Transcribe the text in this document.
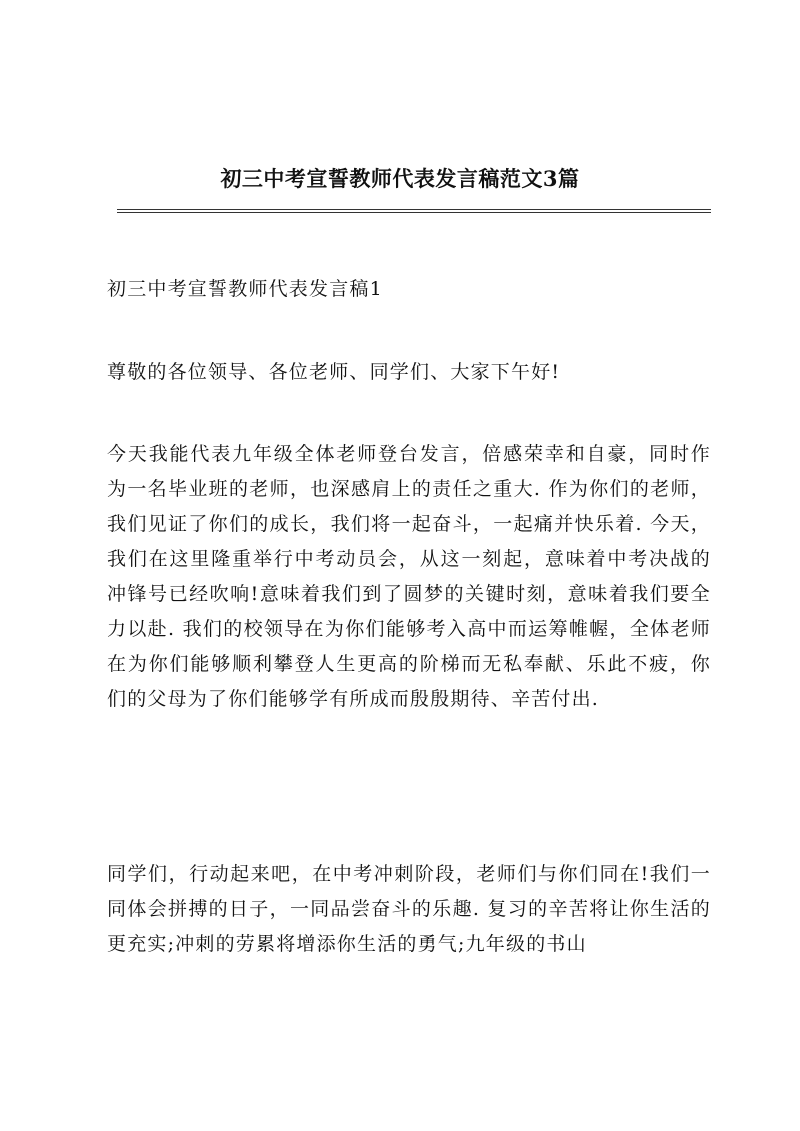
初三中考宣誓教师代表发言稿范文3篇

初三中考宣誓教师代表发言稿1

尊敬的各位领导、各位老师、同学们、大家下午好!

今天我能代表九年级全体老师登台发言，倍感荣幸和自豪，同时作为一名毕业班的老师，也深感肩上的责任之重大. 作为你们的老师，我们见证了你们的成长，我们将一起奋斗，一起痛并快乐着. 今天，我们在这里隆重举行中考动员会，从这一刻起，意味着中考决战的冲锋号已经吹响!意味着我们到了圆梦的关键时刻，意味着我们要全力以赴. 我们的校领导在为你们能够考入高中而运筹帷幄，全体老师在为你们能够顺利攀登人生更高的阶梯而无私奉献、乐此不疲，你们的父母为了你们能够学有所成而殷殷期待、辛苦付出.

同学们，行动起来吧，在中考冲刺阶段，老师们与你们同在!我们一同体会拼搏的日子，一同品尝奋斗的乐趣. 复习的辛苦将让你生活的更充实;冲刺的劳累将增添你生活的勇气;九年级的书山
